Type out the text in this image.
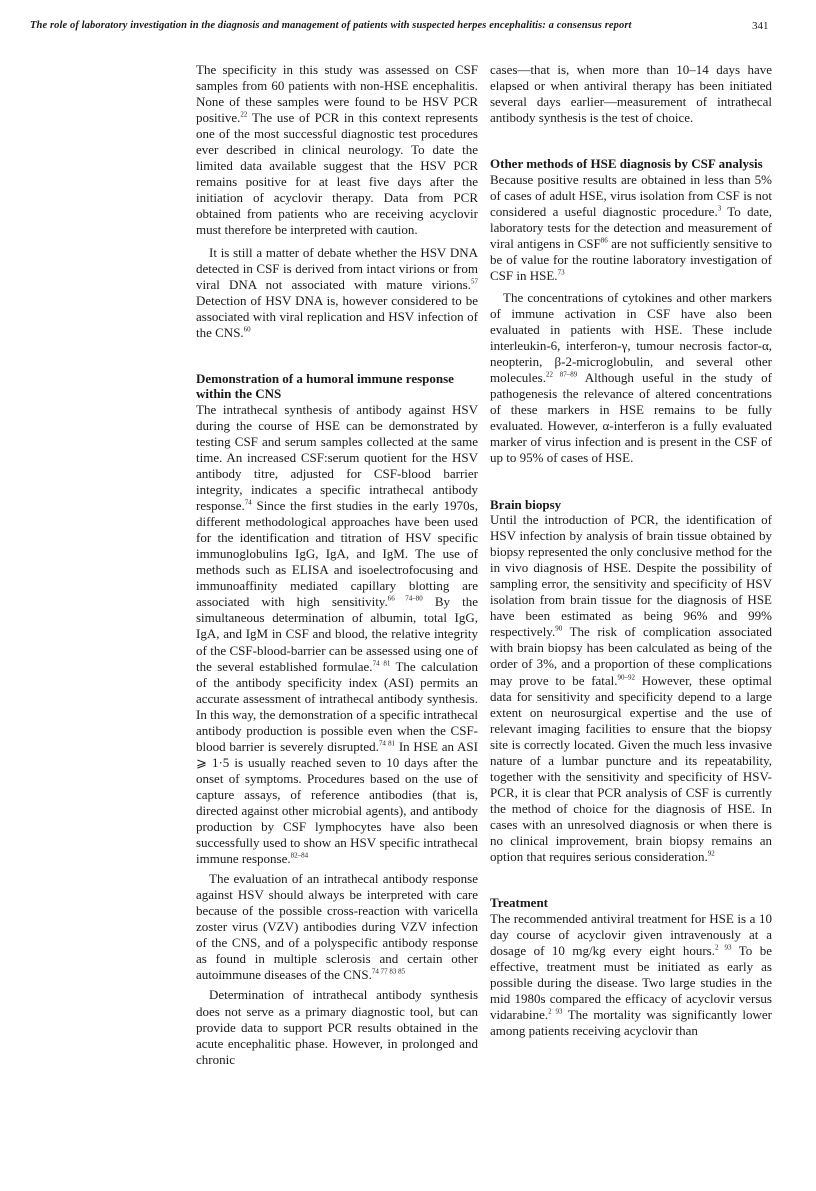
The role of laboratory investigation in the diagnosis and management of patients with suspected herpes encephalitis: a consensus report	341

The specificity in this study was assessed on CSF samples from 60 patients with non-HSE encephalitis. None of these samples were found to be HSV PCR positive.$^{22}$ The use of PCR in this context represents one of the most successful diagnostic test procedures ever described in clinical neurology. To date the limited data available suggest that the HSV PCR remains positive for at least five days after the initiation of acyclovir therapy. Data from PCR obtained from patients who are receiving acyclovir must therefore be interpreted with caution.

It is still a matter of debate whether the HSV DNA detected in CSF is derived from intact virions or from viral DNA not associated with mature virions.$^{57}$ Detection of HSV DNA is, however considered to be associated with viral replication and HSV infection of the CNS.$^{60}$

Demonstration of a humoral immune response within the CNS

The intrathecal synthesis of antibody against HSV during the course of HSE can be demonstrated by testing CSF and serum samples collected at the same time. An increased CSF:serum quotient for the HSV antibody titre, adjusted for CSF-blood barrier integrity, indicates a specific intrathecal antibody response.$^{74}$ Since the first studies in the early 1970s, different methodological approaches have been used for the identification and titration of HSV specific immunoglobulins IgG, IgA, and IgM. The use of methods such as ELISA and isoelectrofocusing and immunoaffinity mediated capillary blotting are associated with high sensitivity.$^{66 74-80}$ By the simultaneous determination of albumin, total IgG, IgA, and IgM in CSF and blood, the relative integrity of the CSF-blood-barrier can be assessed using one of the several established formulae.$^{74 81}$ The calculation of the antibody specificity index (ASI) permits an accurate assessment of intrathecal antibody synthesis. In this way, the demonstration of a specific intrathecal antibody production is possible even when the CSF-blood barrier is severely disrupted.$^{74 81}$ In HSE an ASI ⩾ 1·5 is usually reached seven to 10 days after the onset of symptoms. Procedures based on the use of capture assays, of reference antibodies (that is, directed against other microbial agents), and antibody production by CSF lymphocytes have also been successfully used to show an HSV specific intrathecal immune response.$^{82-84}$

The evaluation of an intrathecal antibody response against HSV should always be interpreted with care because of the possible cross-reaction with varicella zoster virus (VZV) antibodies during VZV infection of the CNS, and of a polyspecific antibody response as found in multiple sclerosis and certain other autoimmune diseases of the CNS.$^{74 77 83 85}$

Determination of intrathecal antibody synthesis does not serve as a primary diagnostic tool, but can provide data to support PCR results obtained in the acute encephalitic phase. However, in prolonged and chronic

cases—that is, when more than 10–14 days have elapsed or when antiviral therapy has been initiated several days earlier—measurement of intrathecal antibody synthesis is the test of choice.

Other methods of HSE diagnosis by CSF analysis

Because positive results are obtained in less than 5% of cases of adult HSE, virus isolation from CSF is not considered a useful diagnostic procedure.$^3$ To date, laboratory tests for the detection and measurement of viral antigens in CSF$^{86}$ are not sufficiently sensitive to be of value for the routine laboratory investigation of CSF in HSE.$^{73}$

The concentrations of cytokines and other markers of immune activation in CSF have also been evaluated in patients with HSE. These include interleukin-6, interferon-γ, tumour necrosis factor-α, neopterin, β-2-microglobulin, and several other molecules.$^{22 87-89}$ Although useful in the study of pathogenesis the relevance of altered concentrations of these markers in HSE remains to be fully evaluated. However, α-interferon is a fully evaluated marker of virus infection and is present in the CSF of up to 95% of cases of HSE.

Brain biopsy

Until the introduction of PCR, the identification of HSV infection by analysis of brain tissue obtained by biopsy represented the only conclusive method for the in vivo diagnosis of HSE. Despite the possibility of sampling error, the sensitivity and specificity of HSV isolation from brain tissue for the diagnosis of HSE have been estimated as being 96% and 99% respectively.$^{90}$ The risk of complication associated with brain biopsy has been calculated as being of the order of 3%, and a proportion of these complications may prove to be fatal.$^{90-92}$ However, these optimal data for sensitivity and specificity depend to a large extent on neurosurgical expertise and the use of relevant imaging facilities to ensure that the biopsy site is correctly located. Given the much less invasive nature of a lumbar puncture and its repeatability, together with the sensitivity and specificity of HSV-PCR, it is clear that PCR analysis of CSF is currently the method of choice for the diagnosis of HSE. In cases with an unresolved diagnosis or when there is no clinical improvement, brain biopsy remains an option that requires serious consideration.$^{92}$

Treatment

The recommended antiviral treatment for HSE is a 10 day course of acyclovir given intravenously at a dosage of 10 mg/kg every eight hours.$^{2 93}$ To be effective, treatment must be initiated as early as possible during the disease. Two large studies in the mid 1980s compared the efficacy of acyclovir versus vidarabine.$^{2 93}$ The mortality was significantly lower among patients receiving acyclovir than
